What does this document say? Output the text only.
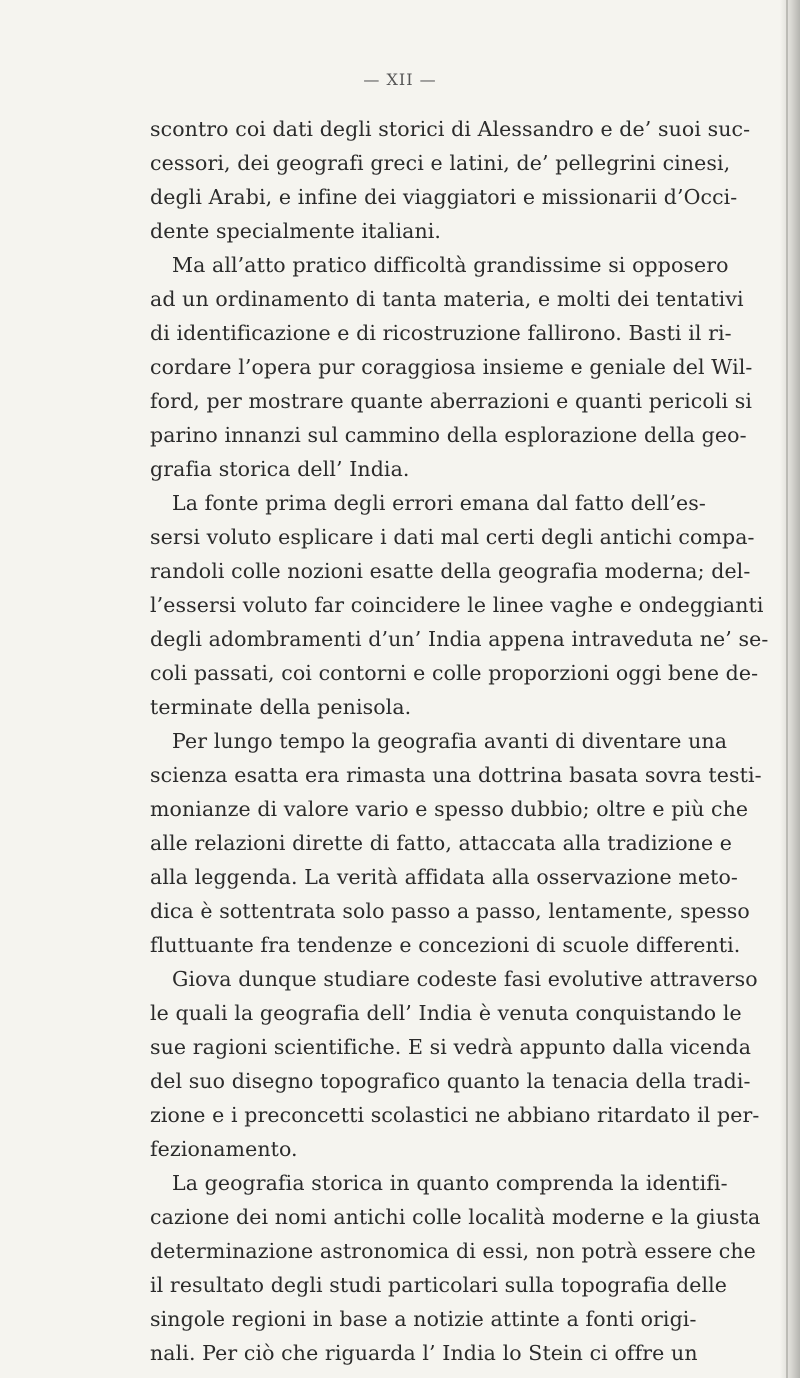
— XII —
scontro coi dati degli storici di Alessandro e de’ suoi suc-
cessori, dei geografi greci e latini, de’ pellegrini cinesi,
degli Arabi, e infine dei viaggiatori e missionarii d’Occi-
dente specialmente italiani.
Ma all’atto pratico difficoltà grandissime si opposero
ad un ordinamento di tanta materia, e molti dei tentativi
di identificazione e di ricostruzione fallirono. Basti il ri-
cordare l’opera pur coraggiosa insieme e geniale del Wil-
ford, per mostrare quante aberrazioni e quanti pericoli si
parino innanzi sul cammino della esplorazione della geo-
grafia storica dell’ India.
La fonte prima degli errori emana dal fatto dell’es-
sersi voluto esplicare i dati mal certi degli antichi compa-
randoli colle nozioni esatte della geografia moderna; del-
l’essersi voluto far coincidere le linee vaghe e ondeggianti
degli adombramenti d’un’ India appena intraveduta ne’ se-
coli passati, coi contorni e colle proporzioni oggi bene de-
terminate della penisola.
Per lungo tempo la geografia avanti di diventare una
scienza esatta era rimasta una dottrina basata sovra testi-
monianze di valore vario e spesso dubbio; oltre e più che
alle relazioni dirette di fatto, attaccata alla tradizione e
alla leggenda. La verità affidata alla osservazione meto-
dica è sottentrata solo passo a passo, lentamente, spesso
fluttuante fra tendenze e concezioni di scuole differenti.
Giova dunque studiare codeste fasi evolutive attraverso
le quali la geografia dell’ India è venuta conquistando le
sue ragioni scientifiche. E si vedrà appunto dalla vicenda
del suo disegno topografico quanto la tenacia della tradi-
zione e i preconcetti scolastici ne abbiano ritardato il per-
fezionamento.
La geografia storica in quanto comprenda la identifi-
cazione dei nomi antichi colle località moderne e la giusta
determinazione astronomica di essi, non potrà essere che
il resultato degli studi particolari sulla topografia delle
singole regioni in base a notizie attinte a fonti origi-
nali. Per ciò che riguarda l’ India lo Stein ci offre un
